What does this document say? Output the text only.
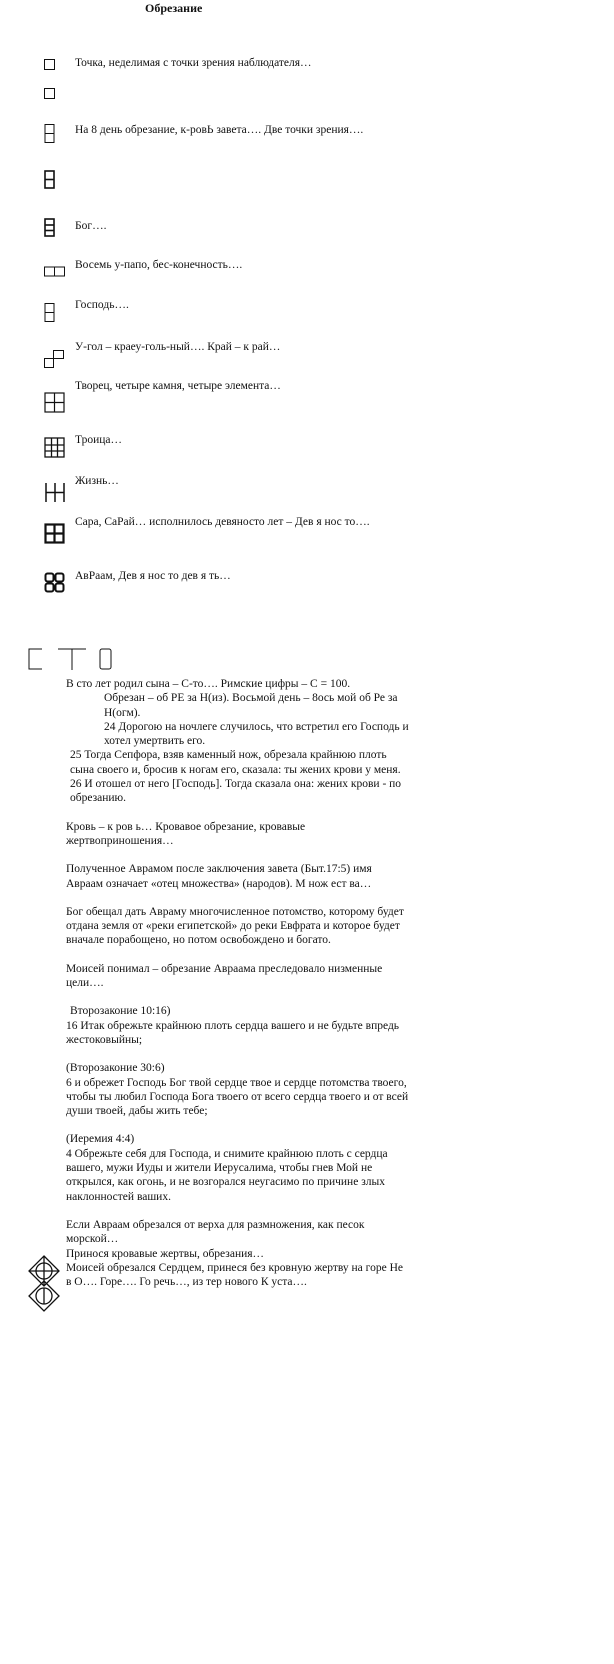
Обрезание
Точка, неделимая с точки зрения наблюдателя…
На 8 день обрезание, к-ровЬ завета…. Две точки зрения….
Бог….
Восемь у-папо, бес-конечность….
Господь….
У-гол – краеу-голь-ный…. Край – к рай…
Творец, четыре камня, четыре элемента…
Троица…
Жизнь…
Сара, СаРай… исполнилось девяносто лет – Дев я нос то….
АвРаам, Дев я нос то дев я ть…

В сто лет родил сына – С-то…. Римские цифры – С = 100.

Обрезан – об РЕ за Н(из). Восьмой день – 8ось мой об Ре за Н(огм).

24 Дорогою на ночлеге случилось, что встретил его Господь и хотел умертвить его.

25 Тогда Сепфора, взяв каменный нож, обрезала крайнюю плоть сына своего и, бросив к ногам его, сказала: ты жених крови у меня.

26 И отошел от него [Господь]. Тогда сказала она: жених крови - по обрезанию.

Кровь – к ров ь… Кровавое обрезание, кровавые жертвоприношения…

Полученное Аврамом после заключения завета (Быт.17:5) имя Авраам означает «отец множества» (народов). М нож ест ва…

Бог обещал дать Авраму многочисленное потомство, которому будет отдана земля от «реки египетской» до реки Евфрата и которое будет вначале порабощено, но потом освобождено и богато.

Моисей понимал – обрезание Авраама преследовало низменные цели….

Второзаконие 10:16)

16 Итак обрежьте крайнюю плоть сердца вашего и не будьте впредь жестоковыйны;

(Второзаконие 30:6)

6 и обрежет Господь Бог твой сердце твое и сердце потомства твоего, чтобы ты любил Господа Бога твоего от всего сердца твоего и от всей души твоей, дабы жить тебе;

(Иеремия 4:4)

4 Обрежьте себя для Господа, и снимите крайнюю плоть с сердца вашего, мужи Иуды и жители Иерусалима, чтобы гнев Мой не открылся, как огонь, и не возгорался неугасимо по причине злых наклонностей ваших.

Если Авраам обрезался от верха для размножения, как песок морской…

Принося кровавые жертвы, обрезания…

Моисей обрезался Сердцем, принеся без кровную жертву на горе Не в О…. Горе…. Го речь…, из тер нового К уста….
